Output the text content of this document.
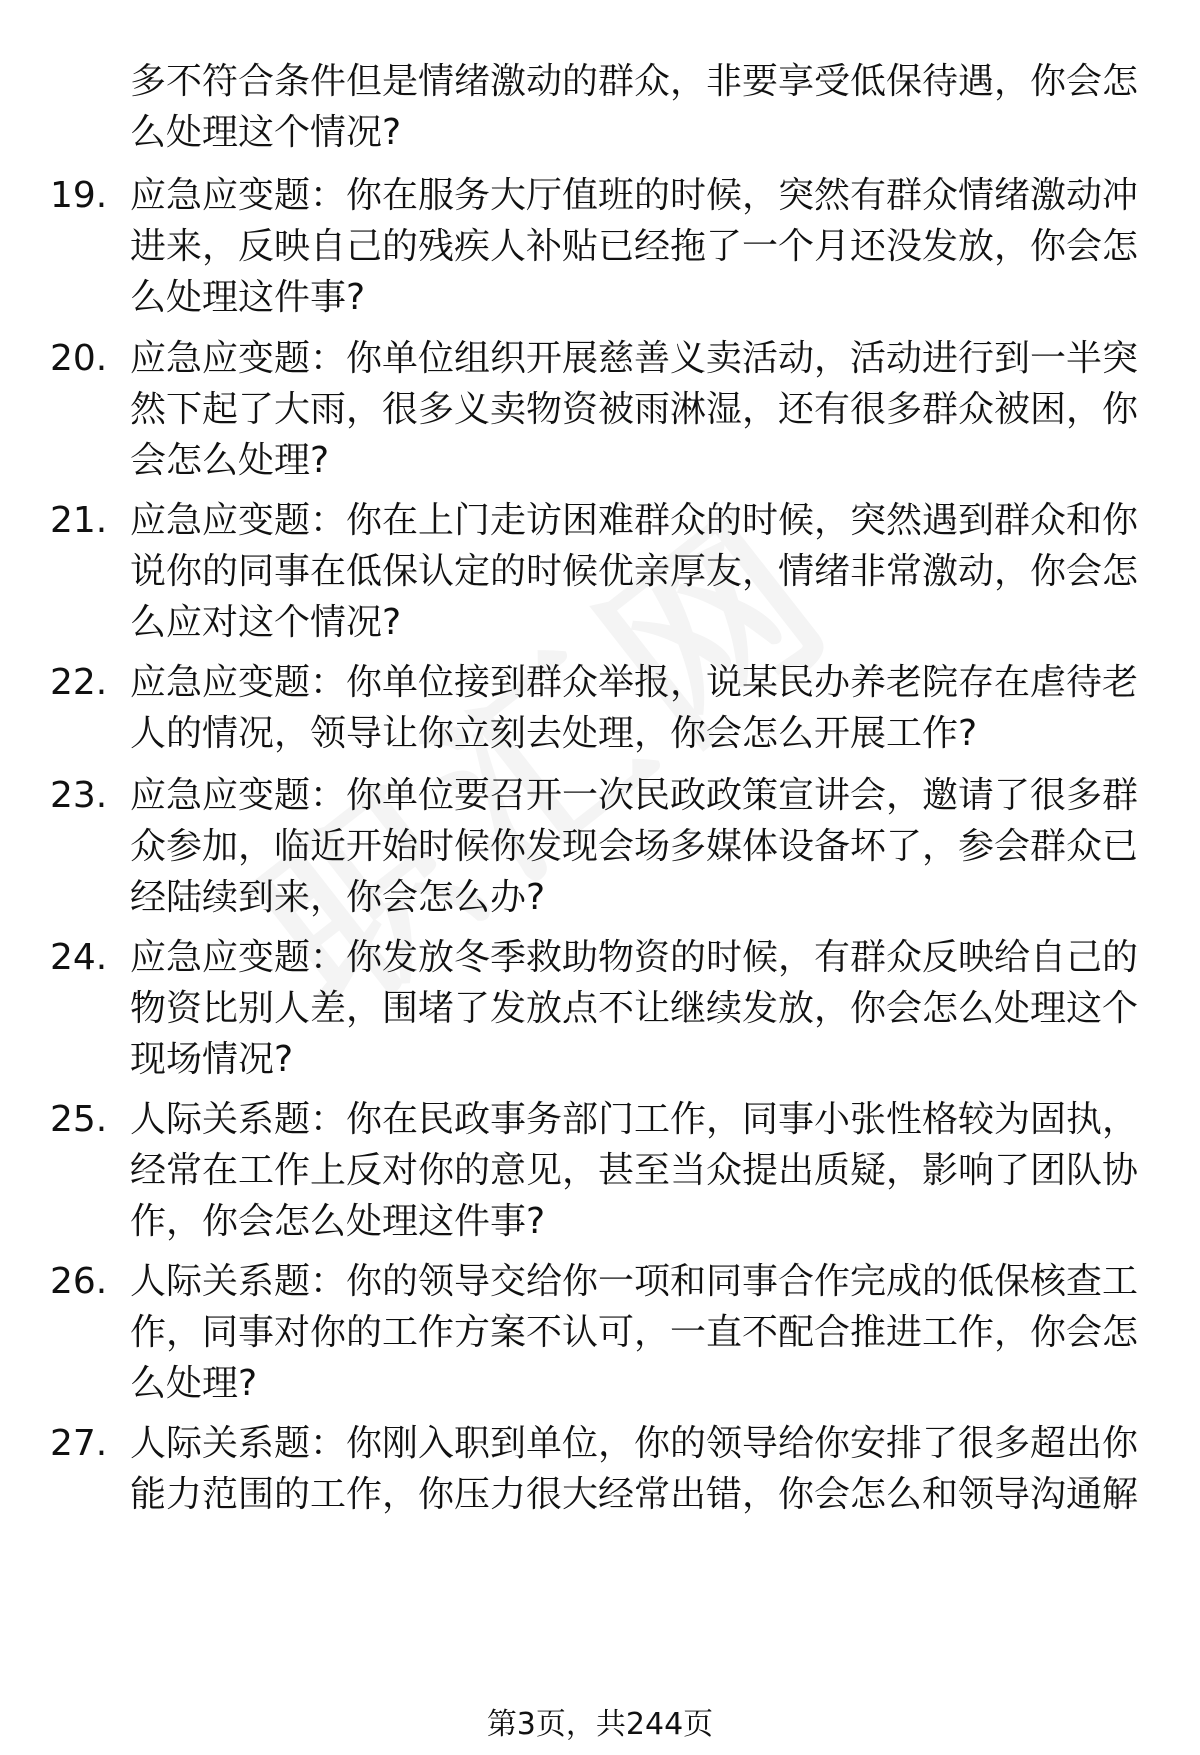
多不符合条件但是情绪激动的群众，非要享受低保待遇，你会怎么处理这个情况?
19. 应急应变题：你在服务大厅值班的时候，突然有群众情绪激动冲进来，反映自己的残疾人补贴已经拖了一个月还没发放，你会怎么处理这件事?
20. 应急应变题：你单位组织开展慈善义卖活动，活动进行到一半突然下起了大雨，很多义卖物资被雨淋湿，还有很多群众被困，你会怎么处理?
21. 应急应变题：你在上门走访困难群众的时候，突然遇到群众和你说你的同事在低保认定的时候优亲厚友，情绪非常激动，你会怎么应对这个情况?
22. 应急应变题：你单位接到群众举报，说某民办养老院存在虐待老人的情况，领导让你立刻去处理，你会怎么开展工作?
23. 应急应变题：你单位要召开一次民政政策宣讲会，邀请了很多群众参加，临近开始时候你发现会场多媒体设备坏了，参会群众已经陆续到来，你会怎么办?
24. 应急应变题：你发放冬季救助物资的时候，有群众反映给自己的物资比别人差，围堵了发放点不让继续发放，你会怎么处理这个现场情况?
25. 人际关系题：你在民政事务部门工作，同事小张性格较为固执，经常在工作上反对你的意见，甚至当众提出质疑，影响了团队协作，你会怎么处理这件事?
26. 人际关系题：你的领导交给你一项和同事合作完成的低保核查工作，同事对你的工作方案不认可，一直不配合推进工作，你会怎么处理?
27. 人际关系题：你刚入职到单位，你的领导给你安排了很多超出你能力范围的工作，你压力很大经常出错，你会怎么和领导沟通解
第3页，共244页
